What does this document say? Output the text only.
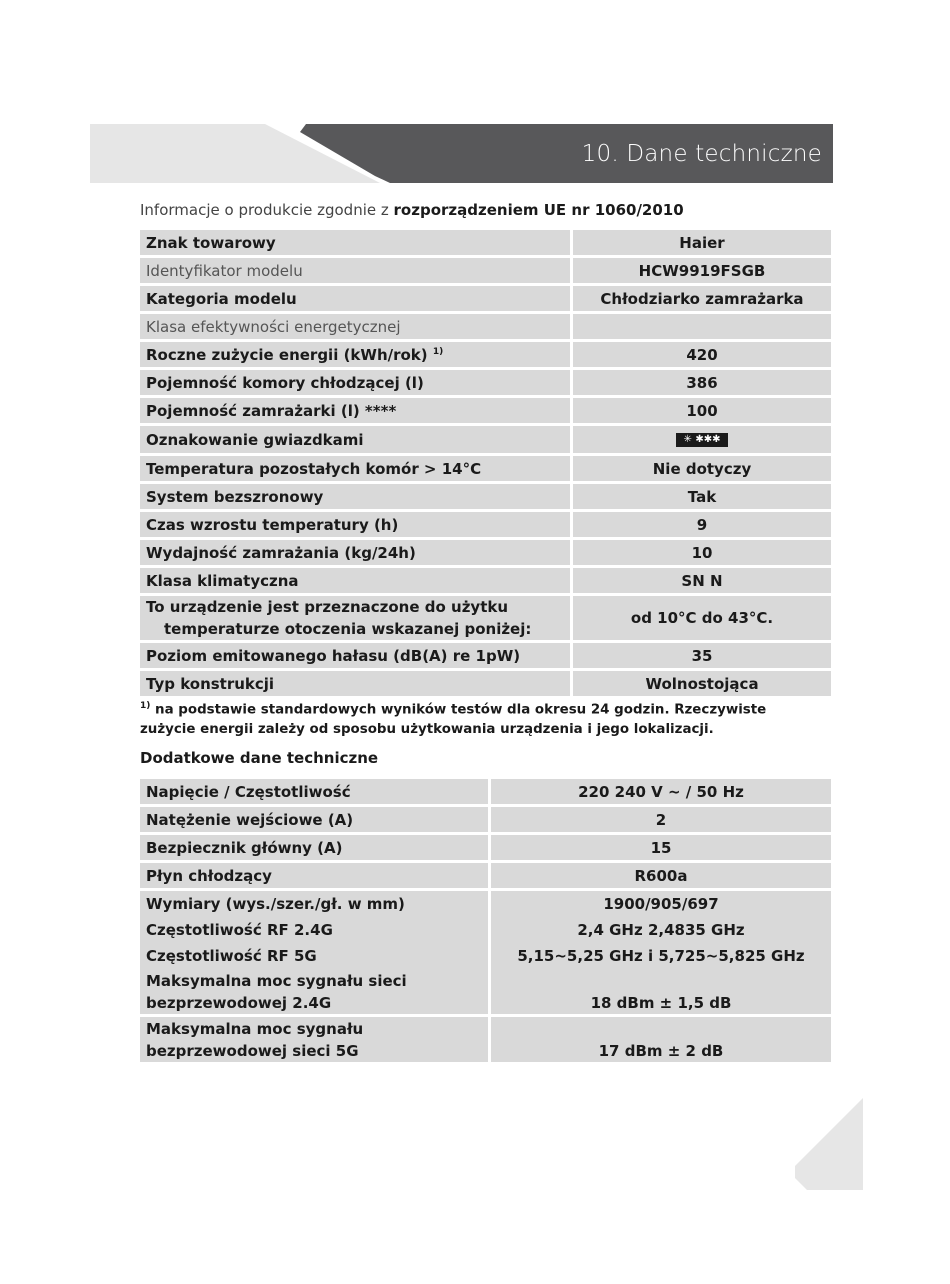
10. Dane techniczne
Informacje o produkcie zgodnie z rozporządzeniem UE nr 1060/2010
Znak towarowy	Haier
Identyfikator modelu	HCW9919FSGB
Kategoria modelu	Chłodziarko zamrażarka
Klasa efektywności energetycznej	
Roczne zużycie energii (kWh/rok) $^{1)}$	420
Pojemność komory chłodzącej (l)	386
Pojemność zamrażarki (l) ****	100
Oznakowanie gwiazdkami	✳ ✱✱✱
Temperatura pozostałych komór > 14°C	Nie dotyczy
System bezszronowy	Tak
Czas wzrostu temperatury (h)	9
Wydajność zamrażania (kg/24h)	10
Klasa klimatyczna	SN N
To urządzenie jest przeznaczone do użytku
temperaturze otoczenia wskazanej poniżej:	od 10°C do 43°C.
Poziom emitowanego hałasu (dB(A) re 1pW)	35
Typ konstrukcji	Wolnostojąca
$^{1)}$ na podstawie standardowych wyników testów dla okresu 24 godzin. Rzeczywiste zużycie energii zależy od sposobu użytkowania urządzenia i jego lokalizacji.
Dodatkowe dane techniczne
Napięcie / Częstotliwość	220 240 V ~ / 50 Hz
Natężenie wejściowe (A)	2
Bezpiecznik główny (A)	15
Płyn chłodzący	R600a
Wymiary (wys./szer./gł. w mm)	1900/905/697
Częstotliwość RF 2.4G	2,4 GHz 2,4835 GHz
Częstotliwość RF 5G	5,15~5,25 GHz i 5,725~5,825 GHz
Maksymalna moc sygnału sieci
bezprzewodowej 2.4G	18 dBm ± 1,5 dB
Maksymalna moc sygnału
bezprzewodowej sieci 5G	17 dBm ± 2 dB
